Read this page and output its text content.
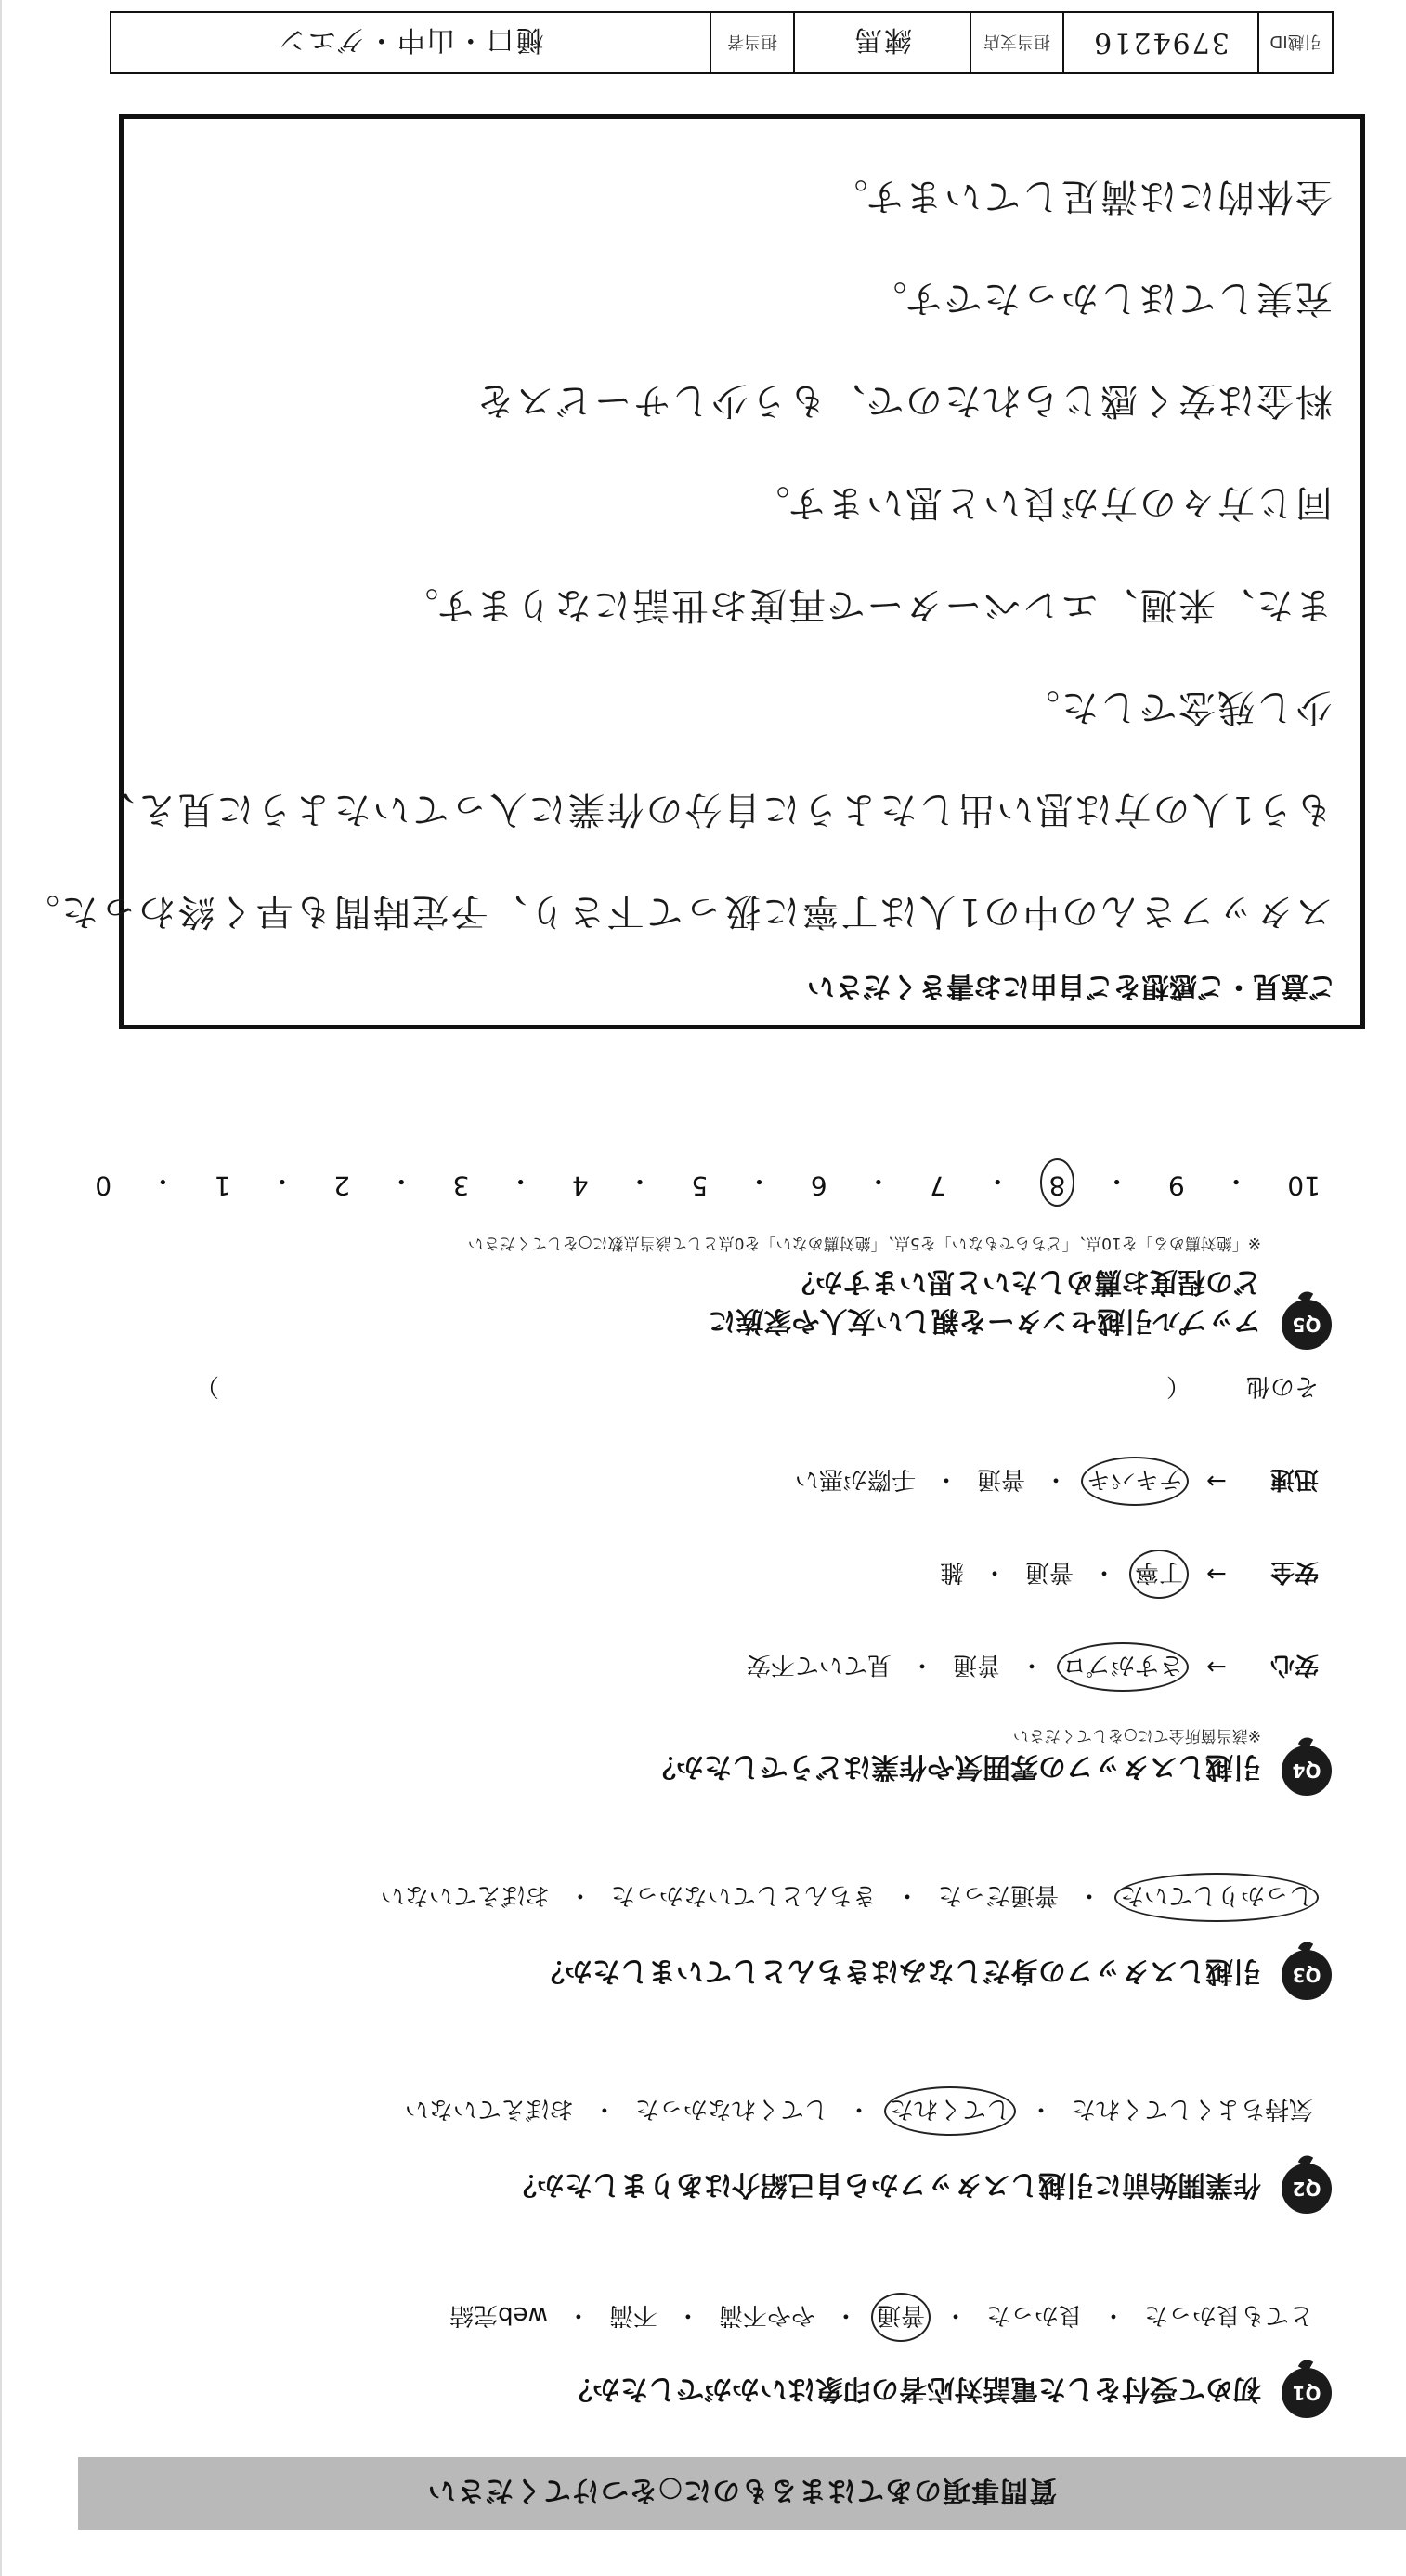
質問事項のあてはまるものに○をつけてください
Q1
初めて受付をした電話対応者の印象はいかがでしたか？
とても良かった
・
良かった
・
普通
・
やや不満
・
不満
・
web完結
Q2
作業開始前に引越しスタッフから自己紹介はありましたか？
気持ちよくしてくれた
・
してくれた
・
してくれなかった
・
おぼえていない
Q3
引越しスタッフの身だしなみはきちんとしていましたか？
しっかりしていた
・
普通だった
・
きちんとしていなかった
・
おぼえていない
Q4
引越しスタッフの雰囲気や作業はどうでしたか？
※該当箇所全てに○をしてください
安心
→
さすがプロ
・
普通
・
見ていて不安
安全
→
丁寧
・
普通
・
雑
迅速
→
テキパキ
・
普通
・
手際が悪い
その他
（
）
Q5
アップル引越センターを親しい友人や家族に
どの程度お薦めしたいと思いますか？
※「絶対薦める」を10点、「どちらでもない」を5点、「絶対薦めない」を0点として該当点数に○をしてください
10
・
9
・
8
・
7
・
6
・
5
・
4
・
3
・
2
・
1
・
0
ご意見・ご感想をご自由にお書きください
スタッフさんの中の1人は丁寧に扱って下さり、予定時間も早く終わった。
もう1人の方は思い出したように自分の作業に入っていたように見え、
少し残念でした。
また、来週、エレベーターで再度お世話になります。
同じ方々の方が良いと思います。
料金は安く感じられたので、もう少しサービスを
充実してほしかったです。
全体的には満足しています。
引越ID
3794216
担当支店
練馬
担当者
樋口・山中・グエン
